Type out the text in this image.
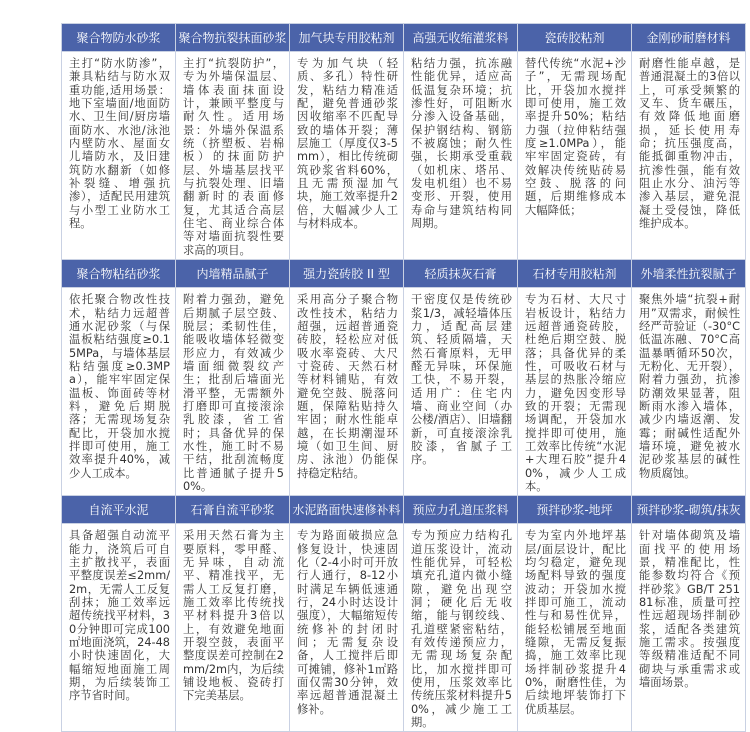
聚合物防水砂浆	聚合物抗裂抹面砂浆	加气块专用胶粘剂	高强无收缩灌浆料	瓷砖胶粘剂	金刚砂耐磨材料
主打“防水防渗”，兼具粘结与防水双重功能,适用场景：地下室墙面/地面防水、卫生间/厨房墙面防水、水池/泳池内壁防水、屋面女儿墙防水，及旧建筑防水翻新（如修补裂缝、增强抗渗），适配民用建筑与小型工业防水工程。	主打“抗裂防护”，专为外墙保温层、墙体表面抹面设计，兼顾平整度与耐久性。适用场景：外墙外保温系统（挤塑板、岩棉板）的抹面防护层、外墙基层找平与抗裂处理、旧墙翻新时的表面修复，尤其适合高层住宅、商业综合体等对墙面抗裂性要求高的项目。	专为加气块（轻质、多孔）特性研发，粘结力精准适配，避免普通砂浆因收缩率不匹配导致的墙体开裂；薄层施工（厚度仅3-5mm），相比传统砌筑砂浆省料60%，且无需预湿加气块，施工效率提升2倍，大幅减少人工与材料成本。	粘结力强，抗冻融性能优异，适应高低温复杂环境；抗渗性好，可阻断水分渗入设备基础，保护钢结构、钢筋不被腐蚀；耐久性强，长期承受重载（如机床、塔吊、发电机组）也不易变形、开裂，使用寿命与建筑结构同周期。	替代传统“水泥+沙子”，无需现场配比，开袋加水搅拌即可使用，施工效率提升50%；粘结力强（拉伸粘结强度≥1.0MPa），能牢牢固定瓷砖，有效解决传统贴砖易空鼓、脱落的问题，后期维修成本大幅降低；	耐磨性能卓越，是普通混凝土的3倍以上，可承受频繁的叉车、货车碾压，有效降低地面磨损，延长使用寿命；抗压强度高，能抵御重物冲击，抗渗性强，能有效阻止水分、油污等渗入基层，避免混凝土受侵蚀，降低维护成本。
聚合物粘结砂浆	内墙精品腻子	强力瓷砖胶 II 型	轻质抹灰石膏	石材专用胶粘剂	外墙柔性抗裂腻子
依托聚合物改性技术，粘结力远超普通水泥砂浆（与保温板粘结强度≥0.15MPa，与墙体基层粘结强度≥0.3MPa），能牢牢固定保温板、饰面砖等材料，避免后期脱落；无需现场复杂配比，开袋加水搅拌即可使用，施工效率提升40%，减少人工成本。	附着力强劲，避免后期腻子层空鼓、脱层；柔韧性佳，能吸收墙体轻微变形应力，有效减少墙面细微裂纹产生；批刮后墙面光滑平整，无需额外打磨即可直接滚涂乳胶漆，省工省时；具备优异的保水性，施工时不易干结，批刮流畅度比普通腻子提升50%。	采用高分子聚合物改性技术，粘结力超强，远超普通瓷砖胶，轻松应对低吸水率瓷砖、大尺寸瓷砖、天然石材等材料铺贴，有效避免空鼓、脱落问题，保障粘贴持久牢固；耐水性能卓越，在长期潮湿环境（如卫生间、厨房、泳池）仍能保持稳定粘结。	干密度仅是传统砂浆1/3，减轻墙体压力，适配高层建筑、轻质隔墙，天然石膏原料，无甲醛无异味，环保施工快，不易开裂，适用广：住宅内墙、商业空间（办公楼/酒店）、旧墙翻新，可直接滚涂乳胶漆，省腻子工序。	专为石材、大尺寸岩板设计，粘结力远超普通瓷砖胶，杜绝后期空鼓、脱落；具备优异的柔性，可吸收石材与基层的热胀冷缩应力，避免因变形导致的开裂；无需现场调配，开袋加水搅拌即可使用，施工效率比传统“水泥+大理石胶”提升40%，减少人工成本。	聚焦外墙“抗裂+耐用”双需求，耐候性经严苛验证（-30°C低温冻融、70°C高温暴晒循环50次，无粉化、无开裂），附着力强劲，抗渗防潮效果显著，阻断雨水渗入墙体，减少内墙返潮、发霉；耐碱性适配外墙环境，避免被水泥砂浆基层的碱性物质腐蚀。
自流平水泥	石膏自流平砂浆	水泥路面快速修补料	预应力孔道压浆料	预拌砂浆-地坪	预拌砂浆-砌筑/抹灰
具备超强自动流平能力，浇筑后可自主扩散找平，表面平整度误差≤2mm/2m，无需人工反复刮抹；施工效率远超传统找平材料，30分钟即可完成100㎡地面浇筑，24-48小时快速固化，大幅缩短地面施工周期，为后续装饰工序节省时间。	采用天然石膏为主要原料，零甲醛、无异味，自动流平、精准找平，无需人工反复打磨，施工效率比传统找平材料提升3倍以上，有效避免地面开裂空鼓，表面平整度误差可控制在2mm/2m内，为后续铺设地板、瓷砖打下完美基层。	专为路面破损应急修复设计，快速固化（2-4小时可开放行人通行，8-12小时满足车辆低速通行，24小时达设计强度），大幅缩短传统修补的封闭时间；无需复杂设备，人工搅拌后即可摊铺，修补1㎡路面仅需30分钟，效率远超普通混凝土修补。	专为预应力结构孔道压浆设计，流动性能优异，可轻松填充孔道内微小缝隙，避免出现空洞；硬化后无收缩，能与钢绞线、孔道壁紧密粘结，有效传递预应力，无需现场复杂配比，加水搅拌即可使用，压浆效率比传统压浆材料提升50%，减少施工工期。	专为室内外地坪基层/面层设计，配比均匀稳定，避免现场配料导致的强度波动；开袋加水搅拌即可施工，流动性与和易性优异，能轻松铺展至地面缝隙，无需反复振捣，施工效率比现场拌制砂浆提升40%，耐磨性佳，为后续地坪装饰打下优质基层。	针对墙体砌筑及墙面找平的使用场景，精准配比，性能参数均符合《预拌砂浆》GB/T 25181标准，质量可控性远超现场拌制砂浆，适配各类建筑施工需求。按强度等级精准适配不同砌块与承重需求或墙面场景。
